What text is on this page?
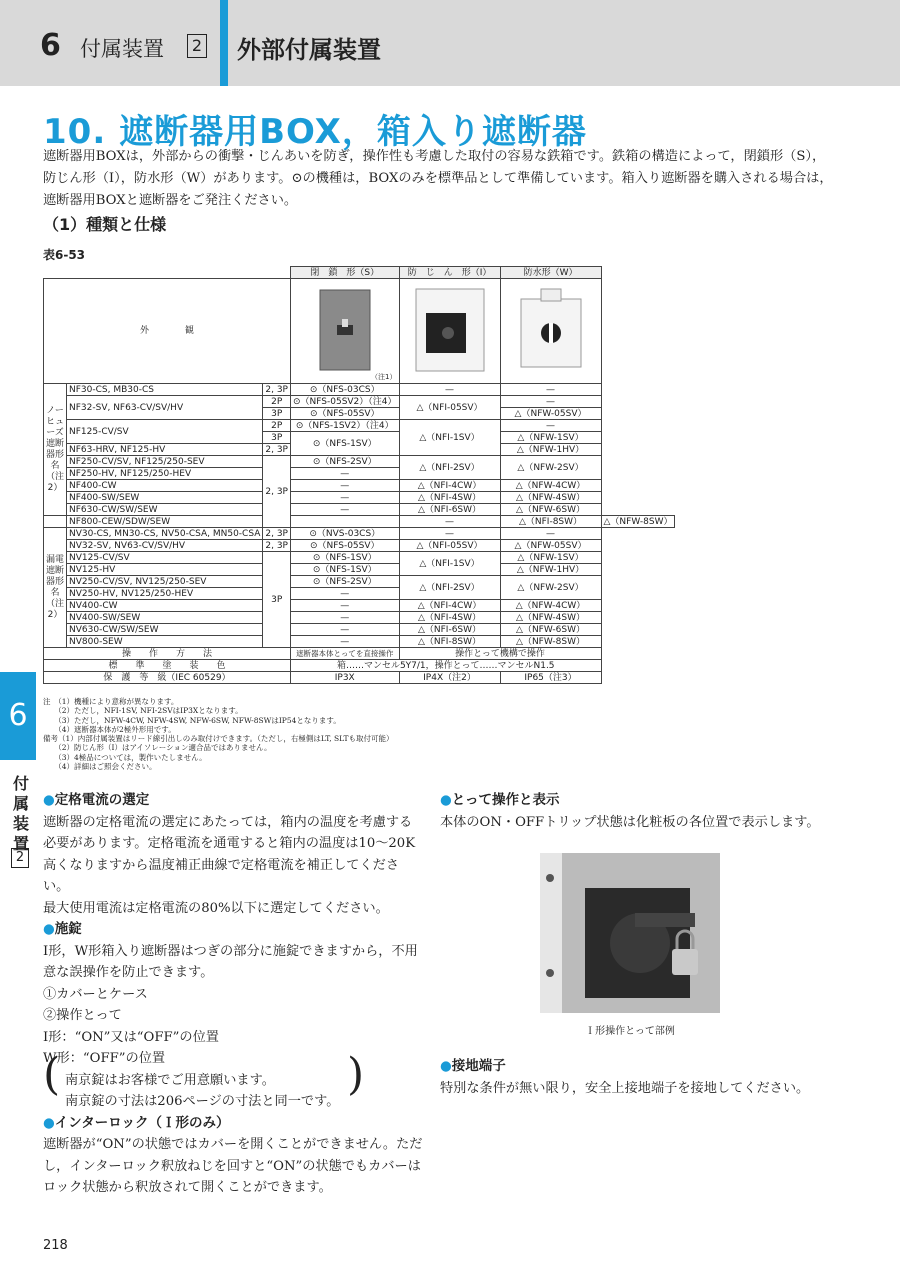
6 付属装置	2 外部付属装置
10. 遮断器用BOX，箱入り遮断器
遮断器用BOXは，外部からの衝撃・じんあいを防ぎ，操作性も考慮した取付の容易な鉄箱です。鉄箱の構造によって，閉鎖形（S），防じん形（I），防水形（W）があります。⊙の機種は，BOXのみを標準品として準備しています。箱入り遮断器を購入される場合は，遮断器用BOXと遮断器をご発注ください。
（1）種類と仕様
表6-53
			閉　鎖　形（S）	防　じ　ん　形（I）	防水形（W）	
外　　　　観			（注1）

ノーヒューズ遮断器形名（注2）	NF30-CS, MB30-CS	2, 3P	⊙（NFS-03CS）	—	—	
	NF32-SV, NF63-CV/SV/HV	2P	⊙（NFS-05SV2）（注4）	△（NFI-05SV）	—	
		3P	⊙（NFS-05SV）		△（NFW-05SV）	
	NF125-CV/SV	2P	⊙（NFS-1SV2）（注4）	△（NFI-1SV）	—	
		3P	⊙（NFS-1SV）		△（NFW-1SV）	
	NF63-HRV, NF125-HV	2, 3P			△（NFW-1HV）	
	NF250-CV/SV, NF125/250-SEV	2, 3P	⊙（NFS-2SV）	△（NFI-2SV）	△（NFW-2SV）	
	NF250-HV, NF125/250-HEV		—			
	NF400-CW		—	△（NFI-4CW）	△（NFW-4CW）	
	NF400-SW/SEW		—	△（NFI-4SW）	△（NFW-4SW）	
	NF630-CW/SW/SEW		—	△（NFI-6SW）	△（NFW-6SW）	
	NF800-CEW/SDW/SEW			—	△（NFI-8SW）	△（NFW-8SW）
漏電遮断器形名（注2）	NV30-CS, MN30-CS, NV50-CSA, MN50-CSA	2, 3P	⊙（NVS-03CS）	—	—	
	NV32-SV, NV63-CV/SV/HV	2, 3P	⊙（NFS-05SV）	△（NFI-05SV）	△（NFW-05SV）	
	NV125-CV/SV	3P	⊙（NFS-1SV）	△（NFI-1SV）	△（NFW-1SV）	
	NV125-HV		⊙（NFS-1SV）		△（NFW-1HV）	
	NV250-CV/SV, NV125/250-SEV		⊙（NFS-2SV）	△（NFI-2SV）	△（NFW-2SV）	
	NV250-HV, NV125/250-HEV		—			
	NV400-CW		—	△（NFI-4CW）	△（NFW-4CW）	
	NV400-SW/SEW		—	△（NFI-4SW）	△（NFW-4SW）	
	NV630-CW/SW/SEW		—	△（NFI-6SW）	△（NFW-6SW）	
	NV800-SEW		—	△（NFI-8SW）	△（NFW-8SW）	
操　　作　　方　　法			遮断器本体とってを直接操作	操作とって機構で操作		
標　　準　　塗　　装　　色			箱……マンセル5Y7/1，操作とって……マンセルN1.5			
保　護　等　級（IEC 60529）			IP3X	IP4X（注2）	IP65（注3）	
注　（1）機種により意称が異なります。
　　（2）ただし，NFI-1SV, NFI-2SVはIP3Xとなります。
　　（3）ただし，NFW-4CW, NFW-4SW, NFW-6SW, NFW-8SWはIP54となります。
　　（4）遮断器本体が2極外形用です。
備考（1）内部付属装置はリード線引出しのみ取付けできます。（ただし，右極側はLT, SLTも取付可能）
　　（2）防じん形（I）はアイソレーション適合品ではありません。
　　（3）4極品については，製作いたしません。
　　（4）詳細はご照会ください。
6
付属装置
2
●定格電流の選定

遮断器の定格電流の選定にあたっては，箱内の温度を考慮する必要があります。定格電流を通電すると箱内の温度は10〜20K高くなりますから温度補正曲線で定格電流を補正してください。

最大使用電流は定格電流の80%以下に選定してください。

●施錠

I形，W形箱入り遮断器はつぎの部分に施錠できますから，不用意な誤操作を防止できます。

①カバーとケース

②操作とって

I形：“ON”又は“OFF”の位置

W形：“OFF”の位置

( 南京錠はお客様でご用意願います。

南京錠の寸法は206ページの寸法と同一です。

)
●インターロック（Ｉ形のみ）

遮断器が“ON”の状態ではカバーを開くことができません。ただし，インターロック釈放ねじを回すと“ON”の状態でもカバーはロック状態から釈放されて開くことができます。

●とって操作と表示

本体のON・OFFトリップ状態は化粧板の各位置で表示します。

Ｉ形操作とって部例
●接地端子

特別な条件が無い限り，安全上接地端子を接地してください。

218
